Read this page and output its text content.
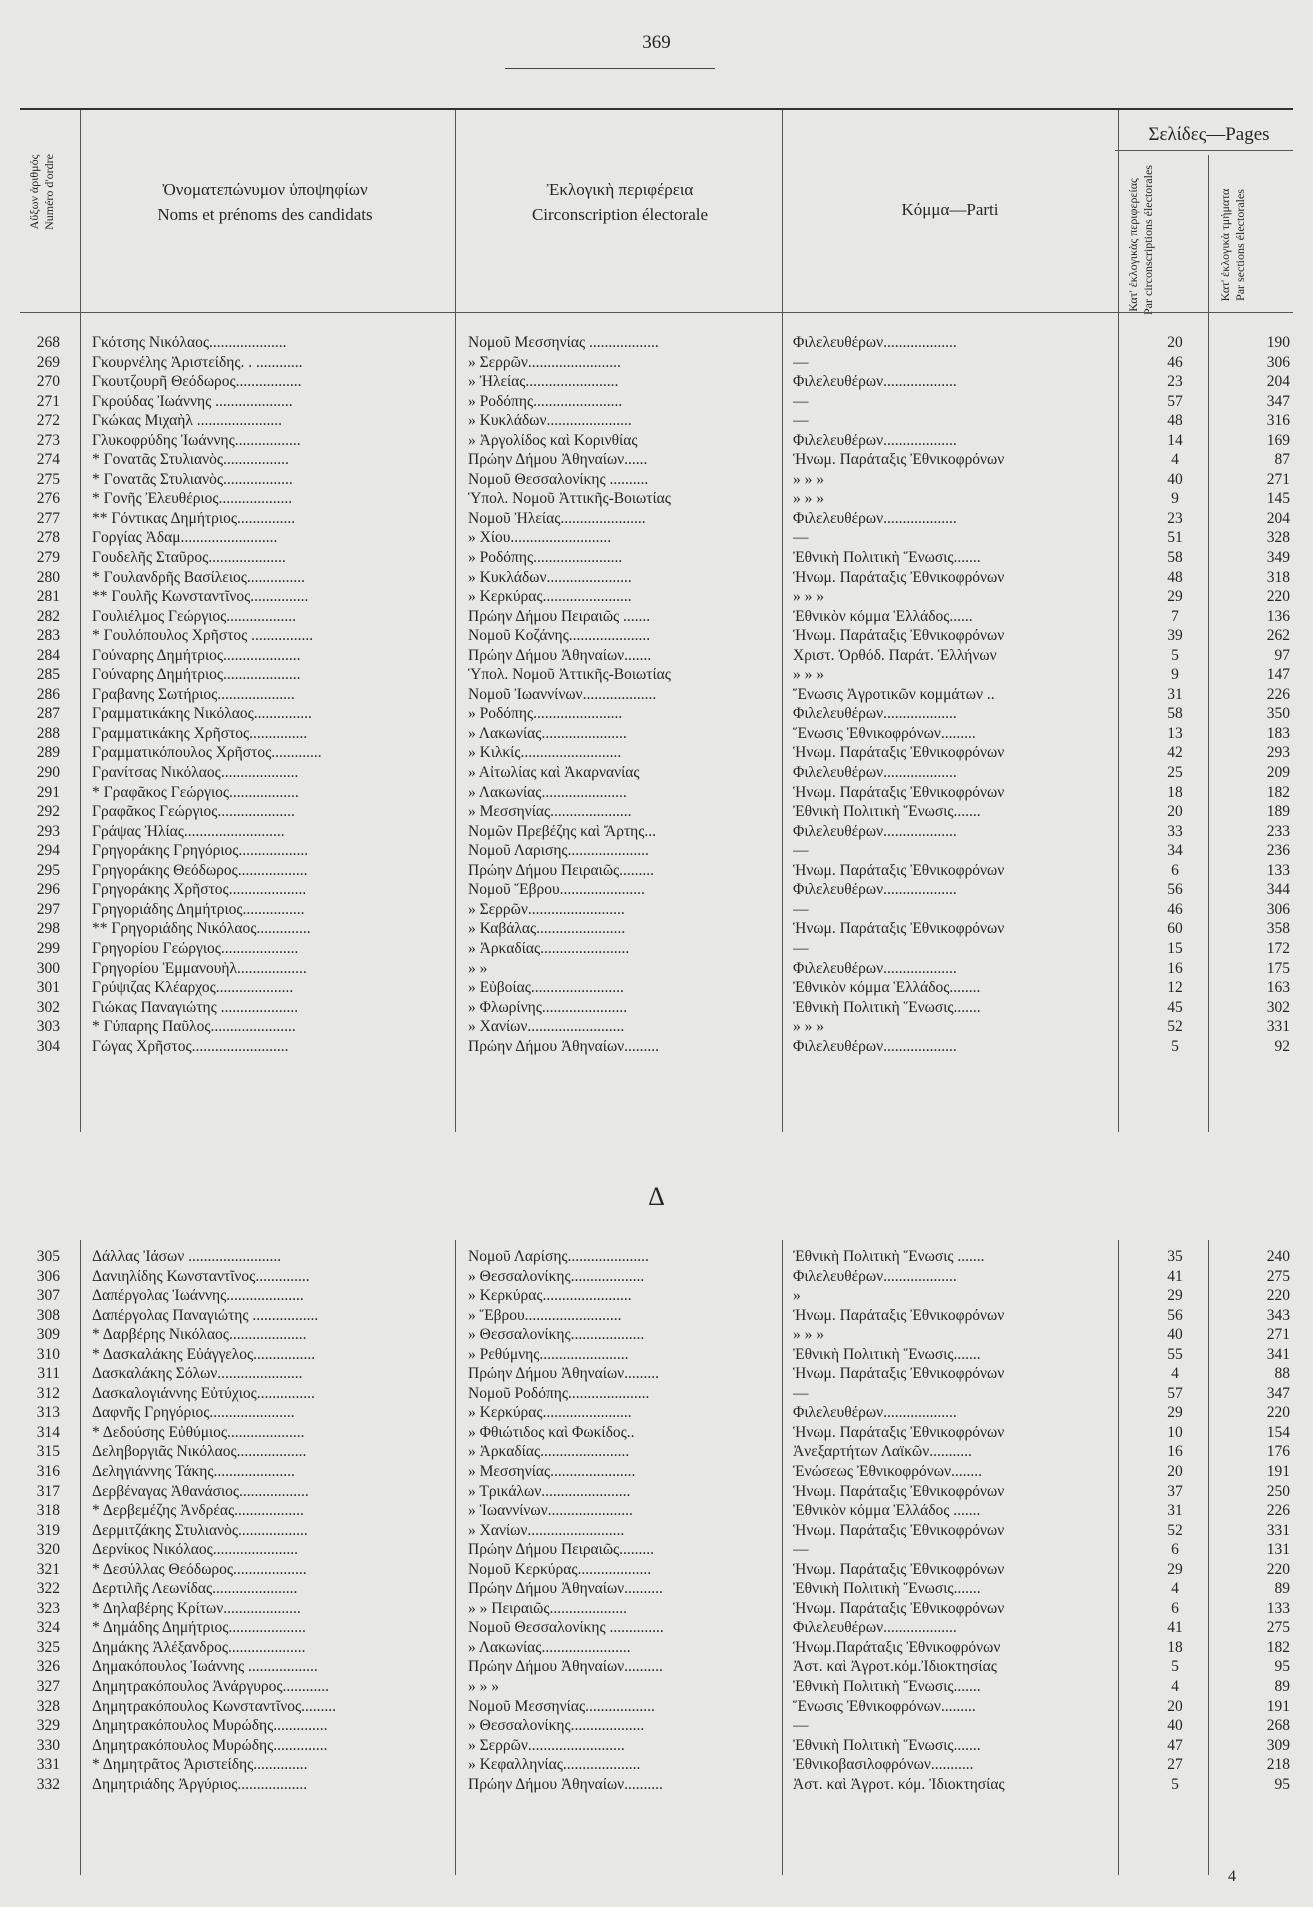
369
Αὔξων ἀριθμός Numéro d'ordre	Ὀνοματεπώνυμον ὑποψηφίων
Noms et prénoms des candidats
Ἐκλογικὴ περιφέρεια
Circonscription électorale	Κόμμα—Parti
Σελίδες—Pages
Κατ' ἐκλογικὰς περιφερείας Par circonscriptions électorales	Κατ' ἐκλογικὰ τμήματα Par sections électorales
268 Γκότσης Νικόλαος....................	Νομοῦ Μεσσηνίας ..................	Φιλελευθέρων...................	20	190
269 Γκουρνέλης Ἀριστείδης. . ............	» Σερρῶν........................	—	46	306
270 Γκουτζουρῆ Θεόδωρος.................	» Ἠλείας........................	Φιλελευθέρων...................	23	204
271 Γκρούδας Ἰωάννης ....................	» Ροδόπης.......................	—	57	347
272 Γκώκας Μιχαὴλ ......................	» Κυκλάδων......................	—	48	316
273 Γλυκοφρύδης Ἰωάννης.................	» Ἀργολίδος καὶ Κορινθίας	Φιλελευθέρων...................	14	169
274 * Γονατᾶς Στυλιανὸς.................	Πρώην Δήμου Ἀθηναίων......	Ἡνωμ. Παράταξις Ἐθνικοφρόνων	4	87
275 * Γονατᾶς Στυλιανὸς..................	Νομοῦ Θεσσαλονίκης ..........	» » »	40	271
276 * Γονῆς Ἐλευθέριος...................	Ὑπολ. Νομοῦ Ἀττικῆς-Βοιωτίας	» » »	9	145
277 ** Γόντικας Δημήτριος...............	Νομοῦ Ἠλείας......................	Φιλελευθέρων...................	23	204
278 Γοργίας Ἀδαμ.........................	» Χίου..........................	—	51	328
279 Γουδελῆς Σταῦρος....................	» Ροδόπης.......................	Ἐθνικὴ Πολιτικὴ Ἕνωσις.......	58	349
280 * Γουλανδρῆς Βασίλειος...............	» Κυκλάδων......................	Ἡνωμ. Παράταξις Ἐθνικοφρόνων	48	318
281 ** Γουλῆς Κωνσταντῖνος...............	» Κερκύρας.......................	» » »	29	220
282 Γουλιέλμος Γεώργιος..................	Πρώην Δήμου Πειραιῶς .......	Ἐθνικὸν κόμμα Ἑλλάδος......	7	136
283 * Γουλόπουλος Χρῆστος ................	Νομοῦ Κοζάνης.....................	Ἡνωμ. Παράταξις Ἐθνικοφρόνων	39	262
284 Γούναρης Δημήτριος....................	Πρώην Δήμου Ἀθηναίων.......	Χριστ. Ὀρθόδ. Παράτ. Ἑλλήνων	5	97
285 Γούναρης Δημήτριος....................	Ὑπολ. Νομοῦ Ἀττικῆς-Βοιωτίας	» » »	9	147
286 Γραβανης Σωτήριος....................	Νομοῦ Ἰωαννίνων...................	Ἕνωσις Ἀγροτικῶν κομμάτων ..	31	226
287 Γραμματικάκης Νικόλαος...............	» Ροδόπης.......................	Φιλελευθέρων...................	58	350
288 Γραμματικάκης Χρῆστος...............	» Λακωνίας......................	Ἕνωσις Ἐθνικοφρόνων.........	13	183
289 Γραμματικόπουλος Χρῆστος.............	» Κιλκίς..........................	Ἡνωμ. Παράταξις Ἐθνικοφρόνων	42	293
290 Γρανίτσας Νικόλαος....................	» Αἰτωλίας καὶ Ἀκαρνανίας	Φιλελευθέρων...................	25	209
291 * Γραφᾶκος Γεώργιος..................	» Λακωνίας......................	Ἡνωμ. Παράταξις Ἐθνικοφρόνων	18	182
292 Γραφᾶκος Γεώργιος....................	» Μεσσηνίας.....................	Ἐθνικὴ Πολιτικὴ Ἕνωσις.......	20	189
293 Γράψας Ἠλίας..........................	Νομῶν Πρεβέζης καὶ Ἄρτης...	Φιλελευθέρων...................	33	233
294 Γρηγοράκης Γρηγόριος..................	Νομοῦ Λαρισης.....................	—	34	236
295 Γρηγοράκης Θεόδωρος..................	Πρώην Δήμου Πειραιῶς.........	Ἡνωμ. Παράταξις Ἐθνικοφρόνων	6	133
296 Γρηγοράκης Χρῆστος....................	Νομοῦ Ἕβρου......................	Φιλελευθέρων...................	56	344
297 Γρηγοριάδης Δημήτριος................	» Σερρῶν.........................	—	46	306
298 ** Γρηγοριάδης Νικόλαος..............	» Καβάλας.......................	Ἡνωμ. Παράταξις Ἐθνικοφρόνων	60	358
299 Γρηγορίου Γεώργιος....................	» Ἀρκαδίας.......................	—	15	172
300 Γρηγορίου Ἐμμανουὴλ..................	» »	Φιλελευθέρων...................	16	175
301 Γρύψιζας Κλέαρχος....................	» Εὐβοίας........................	Ἐθνικὸν κόμμα Ἑλλάδος........	12	163
302 Γιώκας Παναγιώτης ....................	» Φλωρίνης......................	Ἐθνικὴ Πολιτικὴ Ἕνωσις.......	45	302
303 * Γύπαρης Παῦλος......................	» Χανίων.........................	» » »	52	331
304 Γώγας Χρῆστος.........................	Πρώην Δήμου Ἀθηναίων.........	Φιλελευθέρων...................	5	92
Δ
305 Δάλλας Ἰάσων ........................	Νομοῦ Λαρίσης.....................	Ἐθνικὴ Πολιτικὴ Ἕνωσις .......	35	240
306 Δανιηλίδης Κωνσταντῖνος..............	» Θεσσαλονίκης...................	Φιλελευθέρων...................	41	275
307 Δαπέργολας Ἰωάννης....................	» Κερκύρας.......................	»	29	220
308 Δαπέργολας Παναγιώτης .................	» Ἕβρου.........................	Ἡνωμ. Παράταξις Ἐθνικοφρόνων	56	343
309 * Δαρβέρης Νικόλαος....................	» Θεσσαλονίκης...................	» » »	40	271
310 * Δασκαλάκης Εὐάγγελος................	» Ρεθύμνης.......................	Ἐθνικὴ Πολιτικὴ Ἕνωσις.......	55	341
311 Δασκαλάκης Σόλων......................	Πρώην Δήμου Ἀθηναίων.........	Ἡνωμ. Παράταξις Ἐθνικοφρόνων	4	88
312 Δασκαλογιάννης Εὐτύχιος...............	Νομοῦ Ροδόπης.....................	—	57	347
313 Δαφνῆς Γρηγόριος......................	» Κερκύρας.......................	Φιλελευθέρων...................	29	220
314 * Δεδούσης Εὐθύμιος....................	» Φθιώτιδος καὶ Φωκίδος..	Ἡνωμ. Παράταξις Ἐθνικοφρόνων	10	154
315 Δεληβοργιᾶς Νικόλαος..................	» Ἀρκαδίας.......................	Ἀνεξαρτήτων Λαϊκῶν...........	16	176
316 Δεληγιάννης Τάκης.....................	» Μεσσηνίας......................	Ἑνώσεως Ἐθνικοφρόνων........	20	191
317 Δερβέναγας Ἀθανάσιος..................	» Τρικάλων.......................	Ἡνωμ. Παράταξις Ἐθνικοφρόνων	37	250
318 * Δερβεμέζης Ἀνδρέας..................	» Ἰωαννίνων......................	Ἐθνικὸν κόμμα Ἑλλάδος .......	31	226
319 Δερμιτζάκης Στυλιανὸς..................	» Χανίων.........................	Ἡνωμ. Παράταξις Ἐθνικοφρόνων	52	331
320 Δερνίκος Νικόλαος......................	Πρώην Δήμου Πειραιῶς.........	—	6	131
321 * Δεσύλλας Θεόδωρος...................	Νομοῦ Κερκύρας...................	Ἡνωμ. Παράταξις Ἐθνικοφρόνων	29	220
322 Δερτιλῆς Λεωνίδας......................	Πρώην Δήμου Ἀθηναίων..........	Ἐθνικὴ Πολιτικὴ Ἕνωσις.......	4	89
323 * Δηλαβέρης Κρίτων....................	» » Πειραιῶς....................	Ἡνωμ. Παράταξις Ἐθνικοφρόνων	6	133
324 * Δημάδης Δημήτριος....................	Νομοῦ Θεσσαλονίκης ..............	Φιλελευθέρων...................	41	275
325 Δημάκης Ἀλέξανδρος....................	» Λακωνίας.......................	Ἡνωμ.Παράταξις Ἐθνικοφρόνων	18	182
326 Δημακόπουλος Ἰωάννης ..................	Πρώην Δήμου Ἀθηναίων..........	Ἀστ. καὶ Ἀγροτ.κόμ.Ἰδιοκτησίας	5	95
327 Δημητρακόπουλος Ἀνάργυρος............	» » »	Ἐθνικὴ Πολιτικὴ Ἕνωσις.......	4	89
328 Δημητρακόπουλος Κωνσταντῖνος.........	Νομοῦ Μεσσηνίας..................	Ἕνωσις Ἐθνικοφρόνων.........	20	191
329 Δημητρακόπουλος Μυρώδης..............	» Θεσσαλονίκης...................	—	40	268
330 Δημητρακόπουλος Μυρώδης..............	» Σερρῶν.........................	Ἐθνικὴ Πολιτικὴ Ἕνωσις.......	47	309
331 * Δημητρᾶτος Ἀριστείδης..............	» Κεφαλληνίας....................	Ἐθνικοβασιλοφρόνων...........	27	218
332 Δημητριάδης Ἀργύριος..................	Πρώην Δήμου Ἀθηναίων..........	Ἀστ. καὶ Ἀγροτ. κόμ. Ἰδιοκτησίας	5	95
4
